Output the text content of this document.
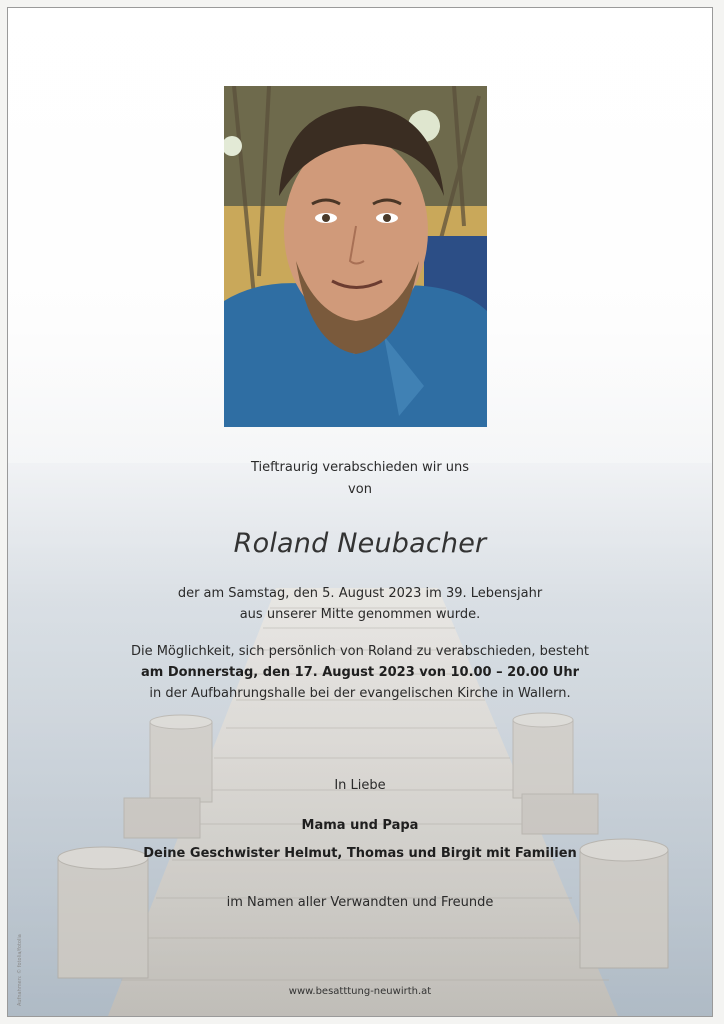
Tieftraurig verabschieden wir uns
von
Roland Neubacher
der am Samstag, den 5. August 2023 im 39. Lebensjahr
aus unserer Mitte genommen wurde.
Die Möglichkeit, sich persönlich von Roland zu verabschieden, besteht
am Donnerstag, den 17. August 2023 von 10.00 – 20.00 Uhr
in der Aufbahrungshalle bei der evangelischen Kirche in Wallern.
In Liebe
Mama und Papa
Deine Geschwister Helmut, Thomas und Birgit mit Familien
im Namen aller Verwandten und Freunde
www.besatttung-neuwirth.at
Aufnahmen: © fotolia/fotolia
